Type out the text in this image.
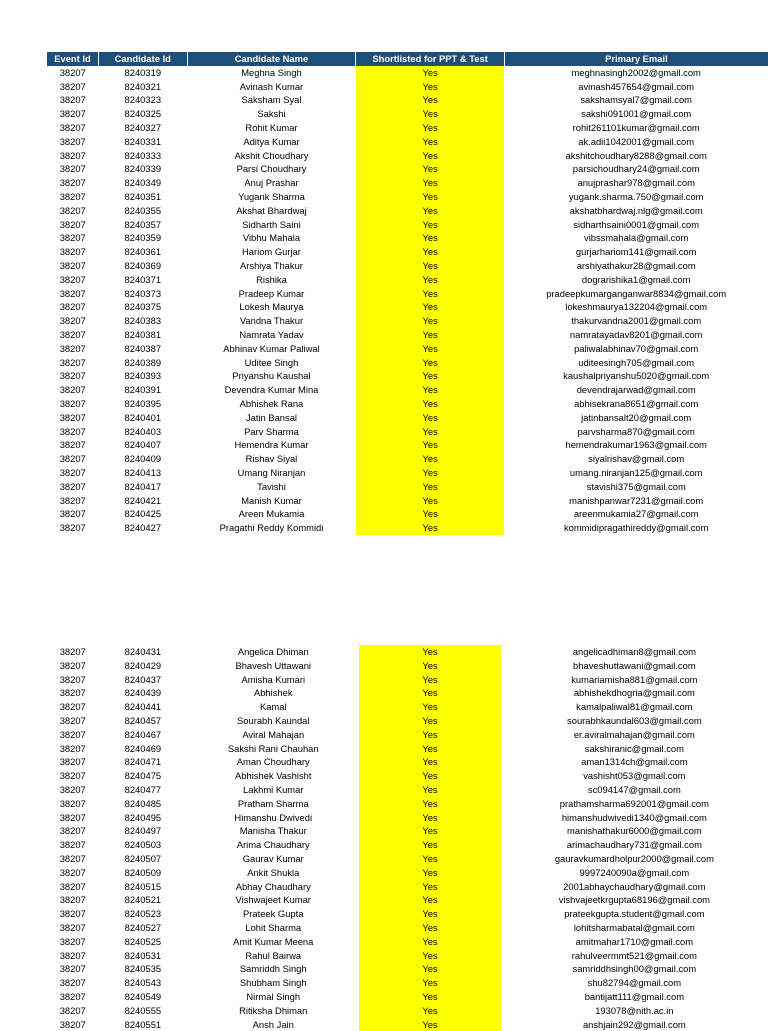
Event Id	Candidate Id	Candidate Name	Shortlisted for PPT & Test	Primary Email
38207	8240319	Meghna Singh	Yes	meghnasingh2002@gmail.com
38207	8240321	Avinash Kumar	Yes	avinash457654@gmail.com
38207	8240323	Saksham Syal	Yes	sakshamsyal7@gmail.com
38207	8240325	Sakshi	Yes	sakshi091001@gmail.com
38207	8240327	Rohit Kumar	Yes	rohit261101kumar@gmail.com
38207	8240331	Aditya Kumar	Yes	ak.adii1042001@gmail.com
38207	8240333	Akshit Choudhary	Yes	akshitchoudhary8288@gmail.com
38207	8240339	Parsi Choudhary	Yes	parsichoudhary24@gmail.com
38207	8240349	Anuj Prashar	Yes	anujprashar978@gmail.com
38207	8240351	Yugank Sharma	Yes	yugank.sharma.750@gmail.com
38207	8240355	Akshat Bhardwaj	Yes	akshatbhardwaj.nlg@gmail.com
38207	8240357	Sidharth Saini	Yes	sidharthsaini0001@gmail.com
38207	8240359	Vibhu Mahala	Yes	vibssmahala@gmail.com
38207	8240361	Hariom Gurjar	Yes	gurjarhariom141@gmail.com
38207	8240369	Arshiya Thakur	Yes	arshiyathakur28@gmail.com
38207	8240371	Rishika	Yes	dograrishika1@gmail.com
38207	8240373	Pradeep Kumar	Yes	pradeepkumarganganwar8834@gmail.com
38207	8240375	Lokesh Maurya	Yes	lokeshmaurya132204@gmail.com
38207	8240383	Vandna Thakur	Yes	thakurvandna2001@gmail.com
38207	8240381	Namrata Yadav	Yes	namratayadav8201@gmail.com
38207	8240387	Abhinav Kumar Paliwal	Yes	paliwalabhinav70@gmail.com
38207	8240389	Uditee Singh	Yes	uditeesingh705@gmail.com
38207	8240393	Priyanshu Kaushal	Yes	kaushalpriyanshu5020@gmail.com
38207	8240391	Devendra Kumar Mina	Yes	devendrajarwad@gmail.com
38207	8240395	Abhishek Rana	Yes	abhisekrana8651@gmail.com
38207	8240401	Jatin Bansal	Yes	jatinbansalt20@gmail.com
38207	8240403	Parv Sharma	Yes	parvsharma870@gmail.com
38207	8240407	Hemendra Kumar	Yes	hemendrakumar1963@gmail.com
38207	8240409	Rishav Siyal	Yes	siyalrishav@gmail.com
38207	8240413	Umang Niranjan	Yes	umang.niranjan125@gmail.com
38207	8240417	Tavishi	Yes	stavishi375@gmail.com
38207	8240421	Manish Kumar	Yes	manishpanwar7231@gmail.com
38207	8240425	Areen Mukamia	Yes	areenmukamia27@gmail.com
38207	8240427	Pragathi Reddy Kommidi	Yes	kommidipragathireddy@gmail.com
38207	8240431	Angelica Dhiman	Yes	angelicadhiman8@gmail.com
38207	8240429	Bhavesh Uttawani	Yes	bhaveshuttawani@gmail.com
38207	8240437	Amisha Kumari	Yes	kumariamisha881@gmail.com
38207	8240439	Abhishek	Yes	abhishekdhogria@gmail.com
38207	8240441	Kamal	Yes	kamalpaliwal81@gmail.com
38207	8240457	Sourabh Kaundal	Yes	sourabhkaundal603@gmail.com
38207	8240467	Aviral Mahajan	Yes	er.aviralmahajan@gmail.com
38207	8240469	Sakshi Rani Chauhan	Yes	sakshiranic@gmail.com
38207	8240471	Aman Choudhary	Yes	aman1314ch@gmail.com
38207	8240475	Abhishek Vashisht	Yes	vashisht053@gmail.com
38207	8240477	Lakhmi Kumar	Yes	sc094147@gmail.com
38207	8240485	Pratham Sharma	Yes	prathamsharma692001@gmail.com
38207	8240495	Himanshu Dwivedi	Yes	himanshudwivedi1340@gmail.com
38207	8240497	Manisha Thakur	Yes	manishathakur6000@gmail.com
38207	8240503	Arima Chaudhary	Yes	arimachaudhary731@gmail.com
38207	8240507	Gaurav Kumar	Yes	gauravkumardholpur2000@gmail.com
38207	8240509	Ankit Shukla	Yes	9997240090a@gmail.com
38207	8240515	Abhay Chaudhary	Yes	2001abhaychaudhary@gmail.com
38207	8240521	Vishwajeet Kumar	Yes	vishvajeetkrgupta68196@gmail.com
38207	8240523	Prateek Gupta	Yes	prateekgupta.student@gmail.com
38207	8240527	Lohit Sharma	Yes	lohitsharmabatal@gmail.com
38207	8240525	Amit Kumar Meena	Yes	amitmahar1710@gmail.com
38207	8240531	Rahul Bairwa	Yes	rahulveermmt521@gmail.com
38207	8240535	Samriddh Singh	Yes	samriddhsingh00@gmail.com
38207	8240543	Shubham Singh	Yes	shu82794@gmail.com
38207	8240549	Nirmal Singh	Yes	bantijatt111@gmail.com
38207	8240555	Ritiksha Dhiman	Yes	193078@nith.ac.in
38207	8240551	Ansh Jain	Yes	anshjain292@gmail.com
